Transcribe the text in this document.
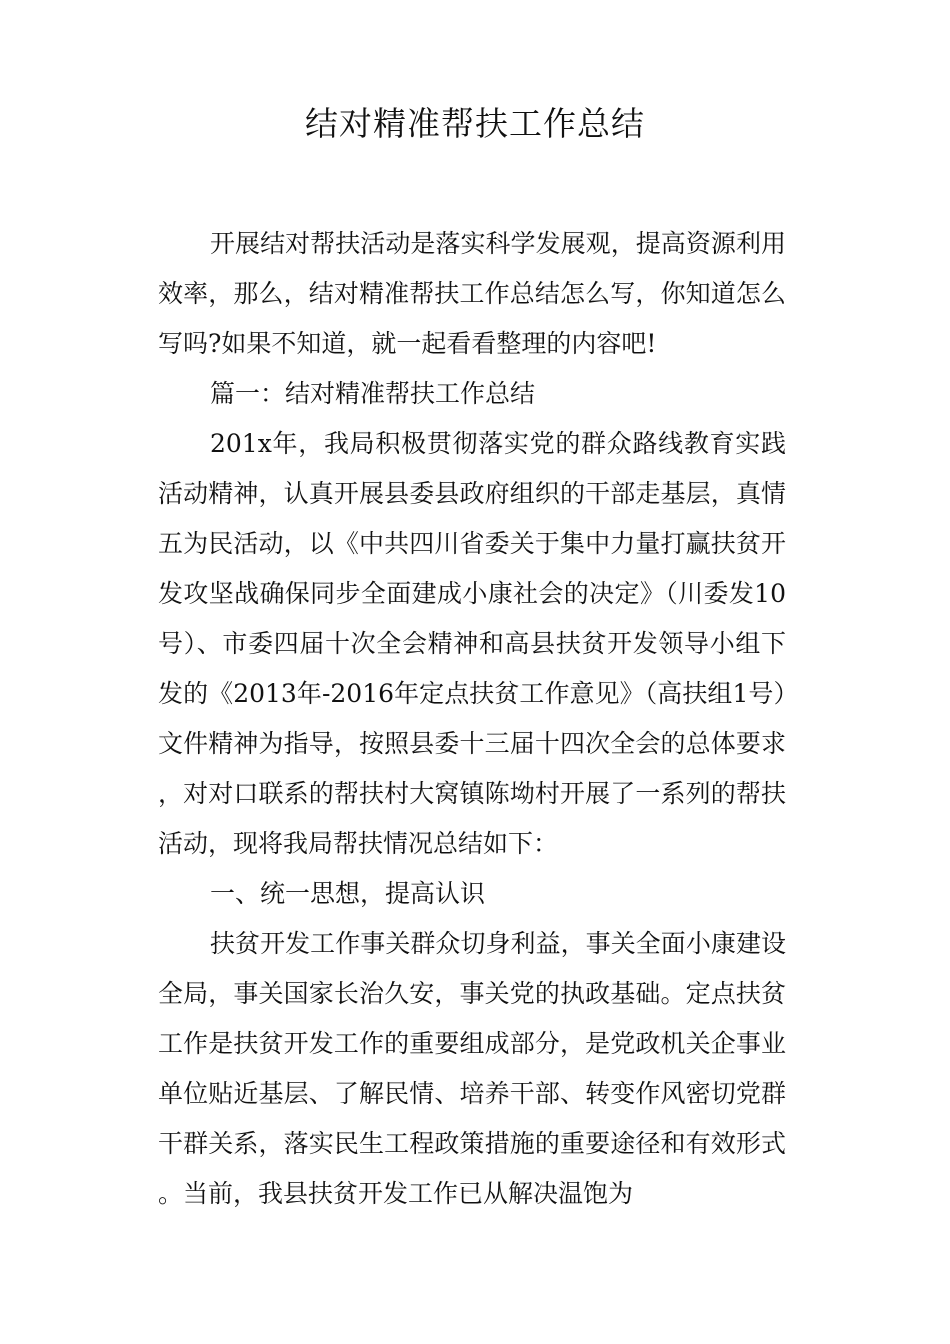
结对精准帮扶工作总结

开展结对帮扶活动是落实科学发展观，提高资源利用效率，那么，结对精准帮扶工作总结怎么写，你知道怎么写吗?如果不知道，就一起看看整理的内容吧!

篇一：结对精准帮扶工作总结

201x年，我局积极贯彻落实党的群众路线教育实践活动精神，认真开展县委县政府组织的干部走基层，真情五为民活动，以《中共四川省委关于集中力量打赢扶贫开发攻坚战确保同步全面建成小康社会的决定》（川委发10号）、市委四届十次全会精神和高县扶贫开发领导小组下发的《2013年-2016年定点扶贫工作意见》（高扶组1号）文件精神为指导，按照县委十三届十四次全会的总体要求，对对口联系的帮扶村大窝镇陈坳村开展了一系列的帮扶活动，现将我局帮扶情况总结如下：

一、统一思想，提高认识

扶贫开发工作事关群众切身利益，事关全面小康建设全局，事关国家长治久安，事关党的执政基础。定点扶贫工作是扶贫开发工作的重要组成部分，是党政机关企事业单位贴近基层、了解民情、培养干部、转变作风密切党群干群关系，落实民生工程政策措施的重要途径和有效形式。当前，我县扶贫开发工作已从解决温饱为
